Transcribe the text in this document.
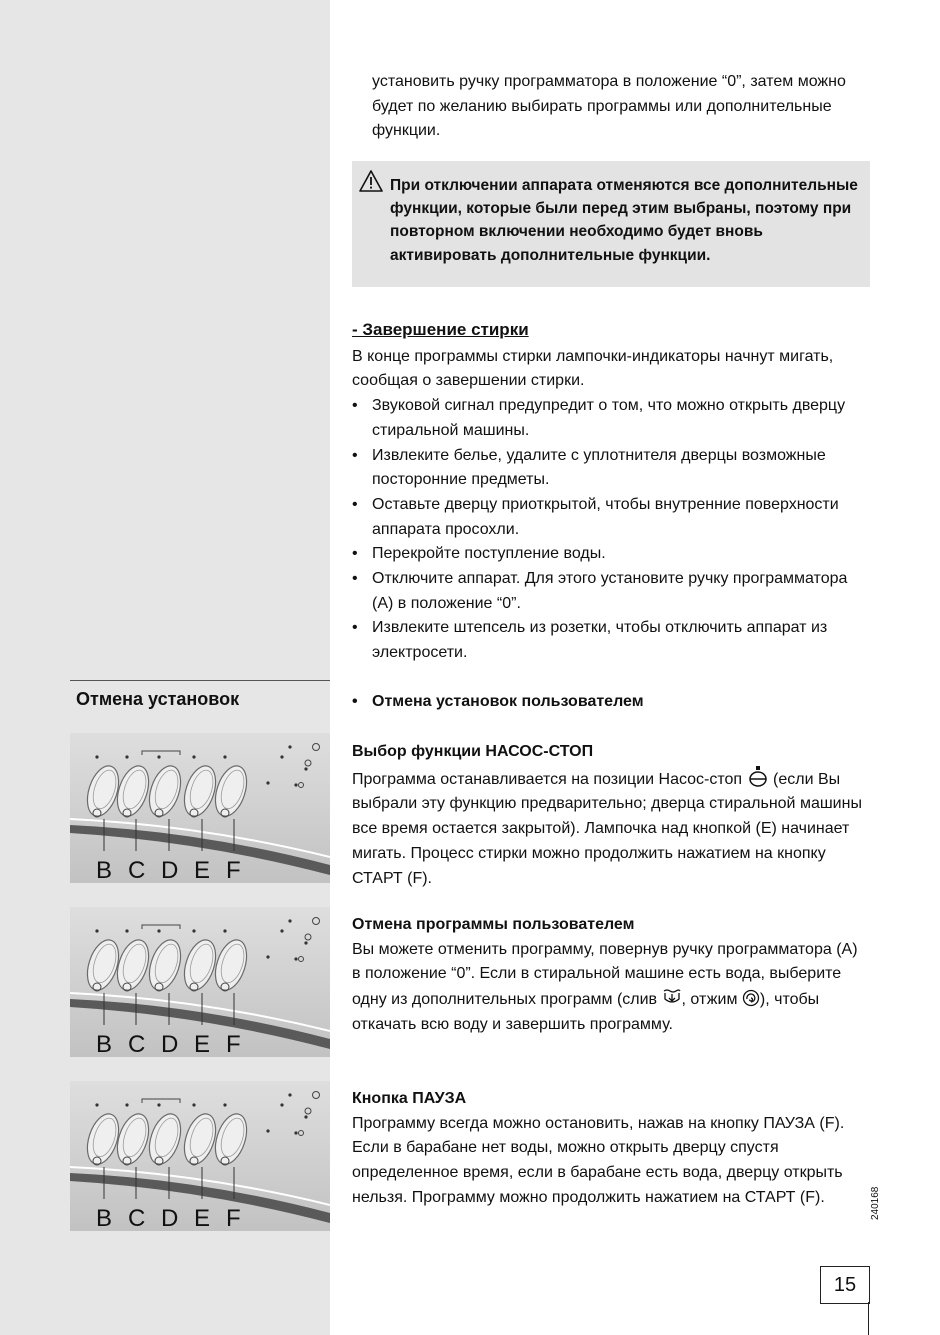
Отмена установок
B C D E F
B C D E F
B C D E F

установить ручку программатора в положение “0”, затем можно будет по желанию выбирать программы или дополнительные функции.

При отключении аппарата отменяются все дополнительные функции, которые были перед этим выбраны, поэтому при повторном включении необходимо будет вновь активировать дополнительные функции.
- Завершение стирки

В конце программы стирки лампочки-индикаторы начнут мигать, сообщая о завершении стирки.

• Звуковой сигнал предупредит о том, что можно открыть дверцу стиральной машины.
• Извлеките белье, удалите с уплотнителя дверцы возможные посторонние предметы.
• Оставьте дверцу приоткрытой, чтобы внутренние поверхности аппарата просохли.
• Перекройте поступление воды.
• Отключите аппарат. Для этого установите ручку программатора (А) в положение “0”.
• Извлеките штепсель из розетки, чтобы отключить аппарат из электросети.
• Отмена установок пользователем
Выбор функции НАСОС-СТОП

Программа останавливается на позиции Насос-стоп (если Вы выбрали эту функцию предварительно; дверца стиральной машины все время остается закрытой). Лампочка над кнопкой (E) начинает мигать. Процесс стирки можно продолжить нажатием на кнопку СТАРТ (F).

Отмена программы пользователем

Вы можете отменить программу, повернув ручку программатора (A) в положение “0”. Если в стиральной машине есть вода, выберите одну из дополнительных программ (слив , отжим ), чтобы откачать всю воду и завершить программу.

Кнопка ПАУЗА

Программу всегда можно остановить, нажав на кнопку ПАУЗА (F). Если в барабане нет воды, можно открыть дверцу спустя определенное время, если в барабане есть вода, дверцу открыть нельзя. Программу можно продолжить нажатием на СТАРТ (F).	240168
15
